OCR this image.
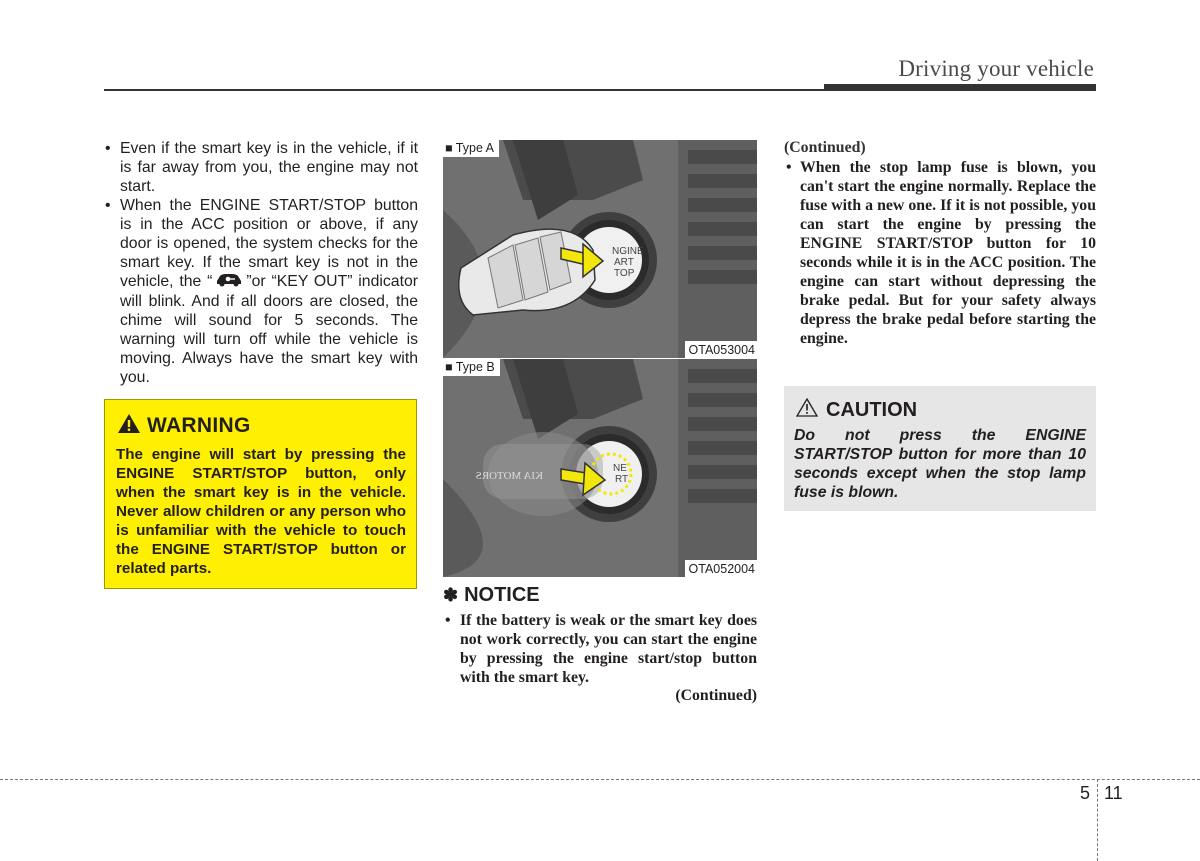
Driving your vehicle
• Even if the smart key is in the vehicle, if it is far away from you, the engine may not start.
• When the ENGINE START/STOP button is in the ACC position or above, if any door is opened, the system checks for the smart key. If the smart key is not in the vehicle, the “ ”or “KEY OUT” indicator will blink. And if all doors are closed, the chime will sound for 5 seconds. The warning will turn off while the vehicle is moving. Always have the smart key with you.
WARNING
The engine will start by pressing the ENGINE START/STOP button, only when the smart key is in the vehicle. Never allow children or any person who is unfamiliar with the vehicle to touch the ENGINE START/STOP button or related parts.
NGINE
ART
TOP
■ Type A
OTA053004
NE
RT
KIA MOTORS
■ Type B
OTA052004
✽ NOTICE
• If the battery is weak or the smart key does not work correctly, you can start the engine by pressing the engine start/stop button with the smart key.
(Continued)
(Continued)
• When the stop lamp fuse is blown, you can't start the engine normally. Replace the fuse with a new one. If it is not possible, you can start the engine by pressing the ENGINE START/STOP button for 10 seconds while it is in the ACC position. The engine can start without depressing the brake pedal. But for your safety always depress the brake pedal before starting the engine.
CAUTION
Do not press the ENGINE START/STOP button for more than 10 seconds except when the stop lamp fuse is blown.
5 11
